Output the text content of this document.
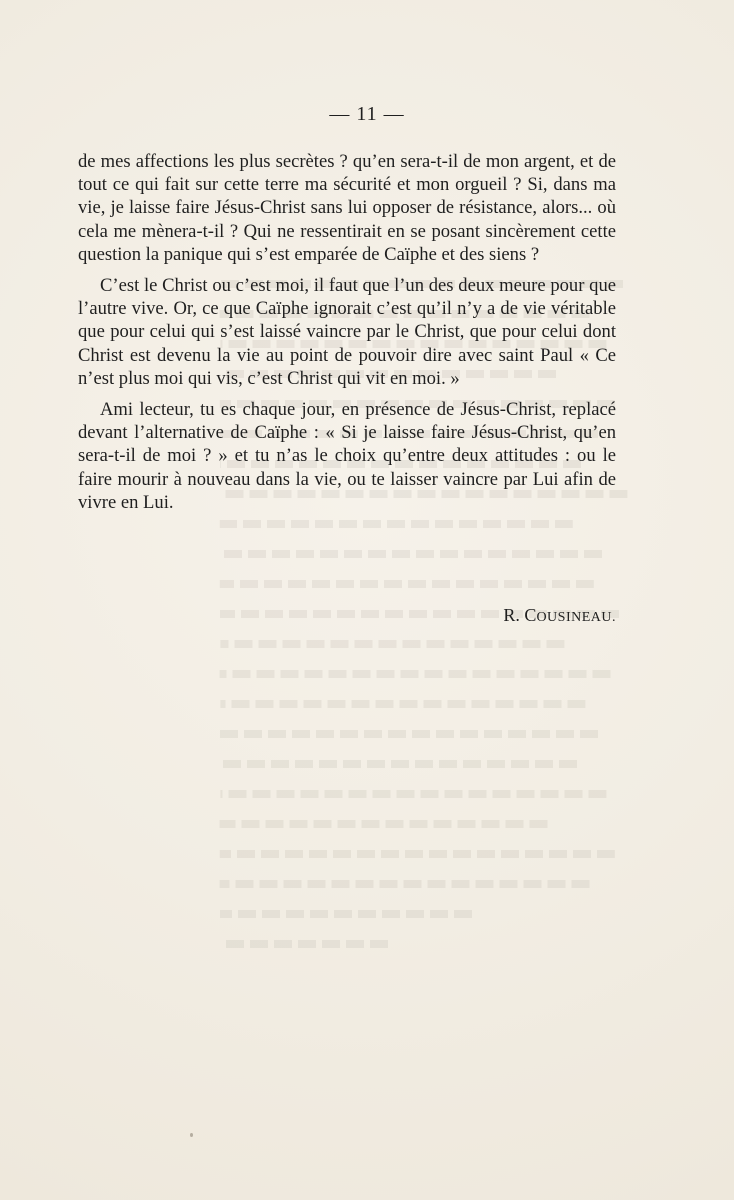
— 11 —

de mes affections les plus secrètes ? qu’en sera-t-il de mon argent, et de tout ce qui fait sur cette terre ma sécurité et mon orgueil ? Si, dans ma vie, je laisse faire Jésus-Christ sans lui opposer de résistance, alors... où cela me mènera-t-il ? Qui ne ressentirait en se posant sincèrement cette question la panique qui s’est emparée de Caïphe et des siens ?

C’est le Christ ou c’est moi, il faut que l’un des deux meure pour que l’autre vive. Or, ce que Caïphe ignorait c’est qu’il n’y a de vie véritable que pour celui qui s’est laissé vaincre par le Christ, que pour celui dont Christ est devenu la vie au point de pouvoir dire avec saint Paul « Ce n’est plus moi qui vis, c’est Christ qui vit en moi. »

Ami lecteur, tu es chaque jour, en présence de Jésus-Christ, replacé devant l’alternative de Caïphe : « Si je laisse faire Jésus-Christ, qu’en sera-t-il de moi ? » et tu n’as le choix qu’entre deux attitudes : ou le faire mourir à nouveau dans la vie, ou te laisser vaincre par Lui afin de vivre en Lui.

R. COUSINEAU.
